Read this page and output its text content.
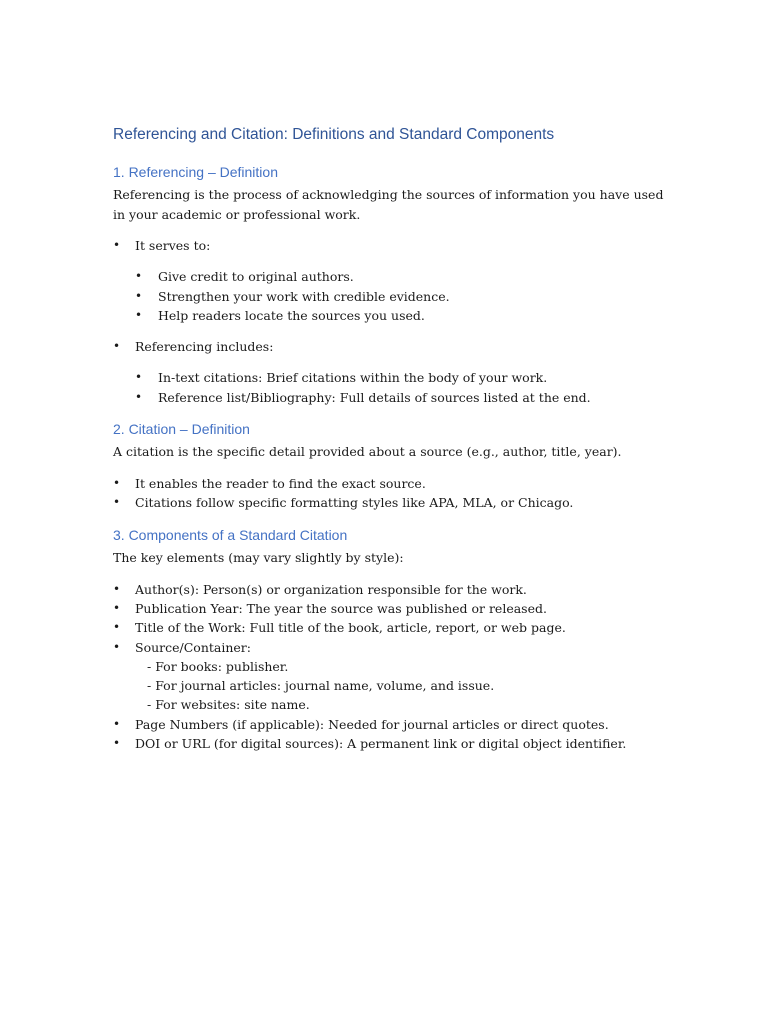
Referencing and Citation: Definitions and Standard Components
1. Referencing – Definition

Referencing is the process of acknowledging the sources of information you have used in your academic or professional work.

• It serves to:
• Give credit to original authors.
• Strengthen your work with credible evidence.
• Help readers locate the sources you used.
• Referencing includes:
• In-text citations: Brief citations within the body of your work.
• Reference list/Bibliography: Full details of sources listed at the end.
2. Citation – Definition

A citation is the specific detail provided about a source (e.g., author, title, year).

• It enables the reader to find the exact source.
• Citations follow specific formatting styles like APA, MLA, or Chicago.
3. Components of a Standard Citation

The key elements (may vary slightly by style):

• Author(s): Person(s) or organization responsible for the work.
• Publication Year: The year the source was published or released.
• Title of the Work: Full title of the book, article, report, or web page.
• Source/Container:
- For books: publisher.
- For journal articles: journal name, volume, and issue.
- For websites: site name.
• Page Numbers (if applicable): Needed for journal articles or direct quotes.
• DOI or URL (for digital sources): A permanent link or digital object identifier.
